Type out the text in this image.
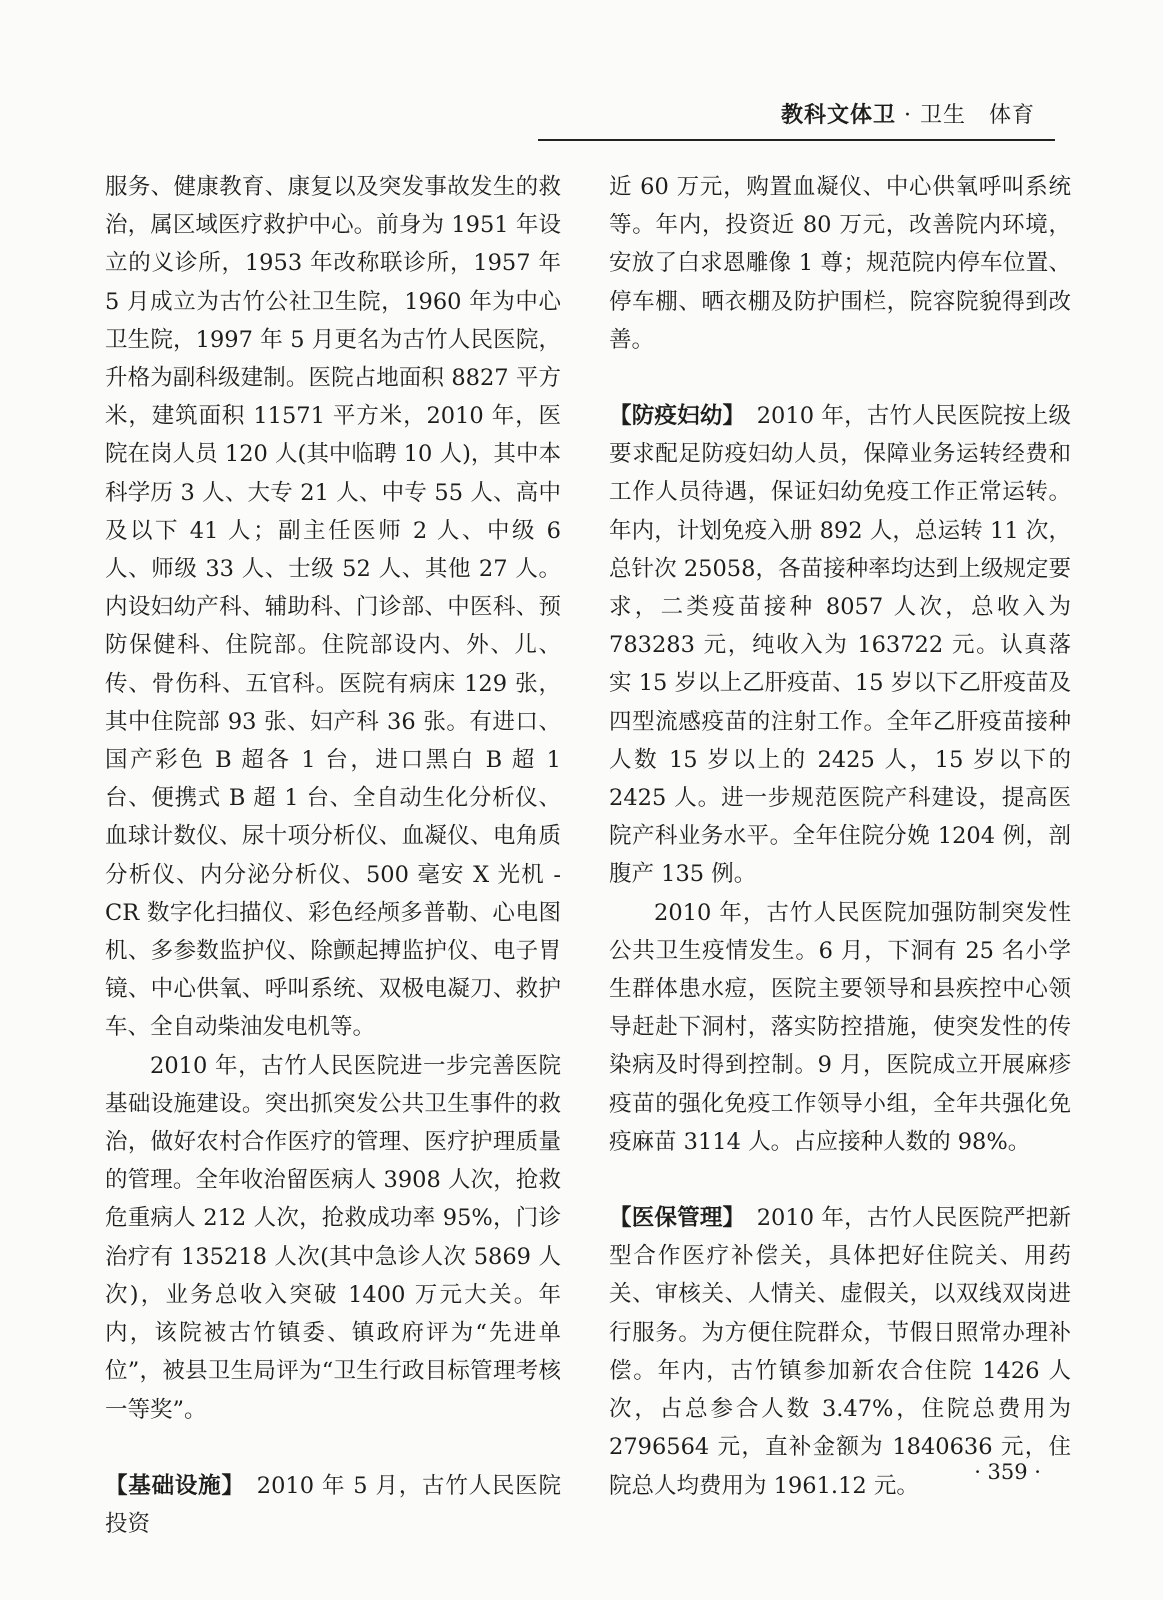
教科文体卫 · 卫生　体育

服务、健康教育、康复以及突发事故发生的救治，属区域医疗救护中心。前身为 1951 年设立的义诊所，1953 年改称联诊所，1957 年 5 月成立为古竹公社卫生院，1960 年为中心卫生院，1997 年 5 月更名为古竹人民医院，升格为副科级建制。医院占地面积 8827 平方米，建筑面积 11571 平方米，2010 年，医院在岗人员 120 人(其中临聘 10 人)，其中本科学历 3 人、大专 21 人、中专 55 人、高中及以下 41 人；副主任医师 2 人、中级 6 人、师级 33 人、士级 52 人、其他 27 人。内设妇幼产科、辅助科、门诊部、中医科、预防保健科、住院部。住院部设内、外、儿、传、骨伤科、五官科。医院有病床 129 张，其中住院部 93 张、妇产科 36 张。有进口、国产彩色 B 超各 1 台，进口黑白 B 超 1 台、便携式 B 超 1 台、全自动生化分析仪、血球计数仪、尿十项分析仪、血凝仪、电角质分析仪、内分泌分析仪、500 毫安 X 光机 - CR 数字化扫描仪、彩色经颅多普勒、心电图机、多参数监护仪、除颤起搏监护仪、电子胃镜、中心供氧、呼叫系统、双极电凝刀、救护车、全自动柴油发电机等。

2010 年，古竹人民医院进一步完善医院基础设施建设。突出抓突发公共卫生事件的救治，做好农村合作医疗的管理、医疗护理质量的管理。全年收治留医病人 3908 人次，抢救危重病人 212 人次，抢救成功率 95%，门诊治疗有 135218 人次(其中急诊人次 5869 人次)，业务总收入突破 1400 万元大关。年内，该院被古竹镇委、镇政府评为“先进单位”，被县卫生局评为“卫生行政目标管理考核一等奖”。

【基础设施】　2010 年 5 月，古竹人民医院投资

近 60 万元，购置血凝仪、中心供氧呼叫系统等。年内，投资近 80 万元，改善院内环境，安放了白求恩雕像 1 尊；规范院内停车位置、停车棚、晒衣棚及防护围栏，院容院貌得到改善。

【防疫妇幼】　2010 年，古竹人民医院按上级要求配足防疫妇幼人员，保障业务运转经费和工作人员待遇，保证妇幼免疫工作正常运转。年内，计划免疫入册 892 人，总运转 11 次，总针次 25058，各苗接种率均达到上级规定要求，二类疫苗接种 8057 人次，总收入为 783283 元，纯收入为 163722 元。认真落实 15 岁以上乙肝疫苗、15 岁以下乙肝疫苗及四型流感疫苗的注射工作。全年乙肝疫苗接种人数 15 岁以上的 2425 人，15 岁以下的 2425 人。进一步规范医院产科建设，提高医院产科业务水平。全年住院分娩 1204 例，剖腹产 135 例。

2010 年，古竹人民医院加强防制突发性公共卫生疫情发生。6 月，下洞有 25 名小学生群体患水痘，医院主要领导和县疾控中心领导赶赴下洞村，落实防控措施，使突发性的传染病及时得到控制。9 月，医院成立开展麻疹疫苗的强化免疫工作领导小组，全年共强化免疫麻苗 3114 人。占应接种人数的 98%。

【医保管理】　2010 年，古竹人民医院严把新型合作医疗补偿关，具体把好住院关、用药关、审核关、人情关、虚假关，以双线双岗进行服务。为方便住院群众，节假日照常办理补偿。年内，古竹镇参加新农合住院 1426 人次，占总参合人数 3.47%，住院总费用为 2796564 元，直补金额为 1840636 元，住院总人均费用为 1961.12 元。

· 359 ·
